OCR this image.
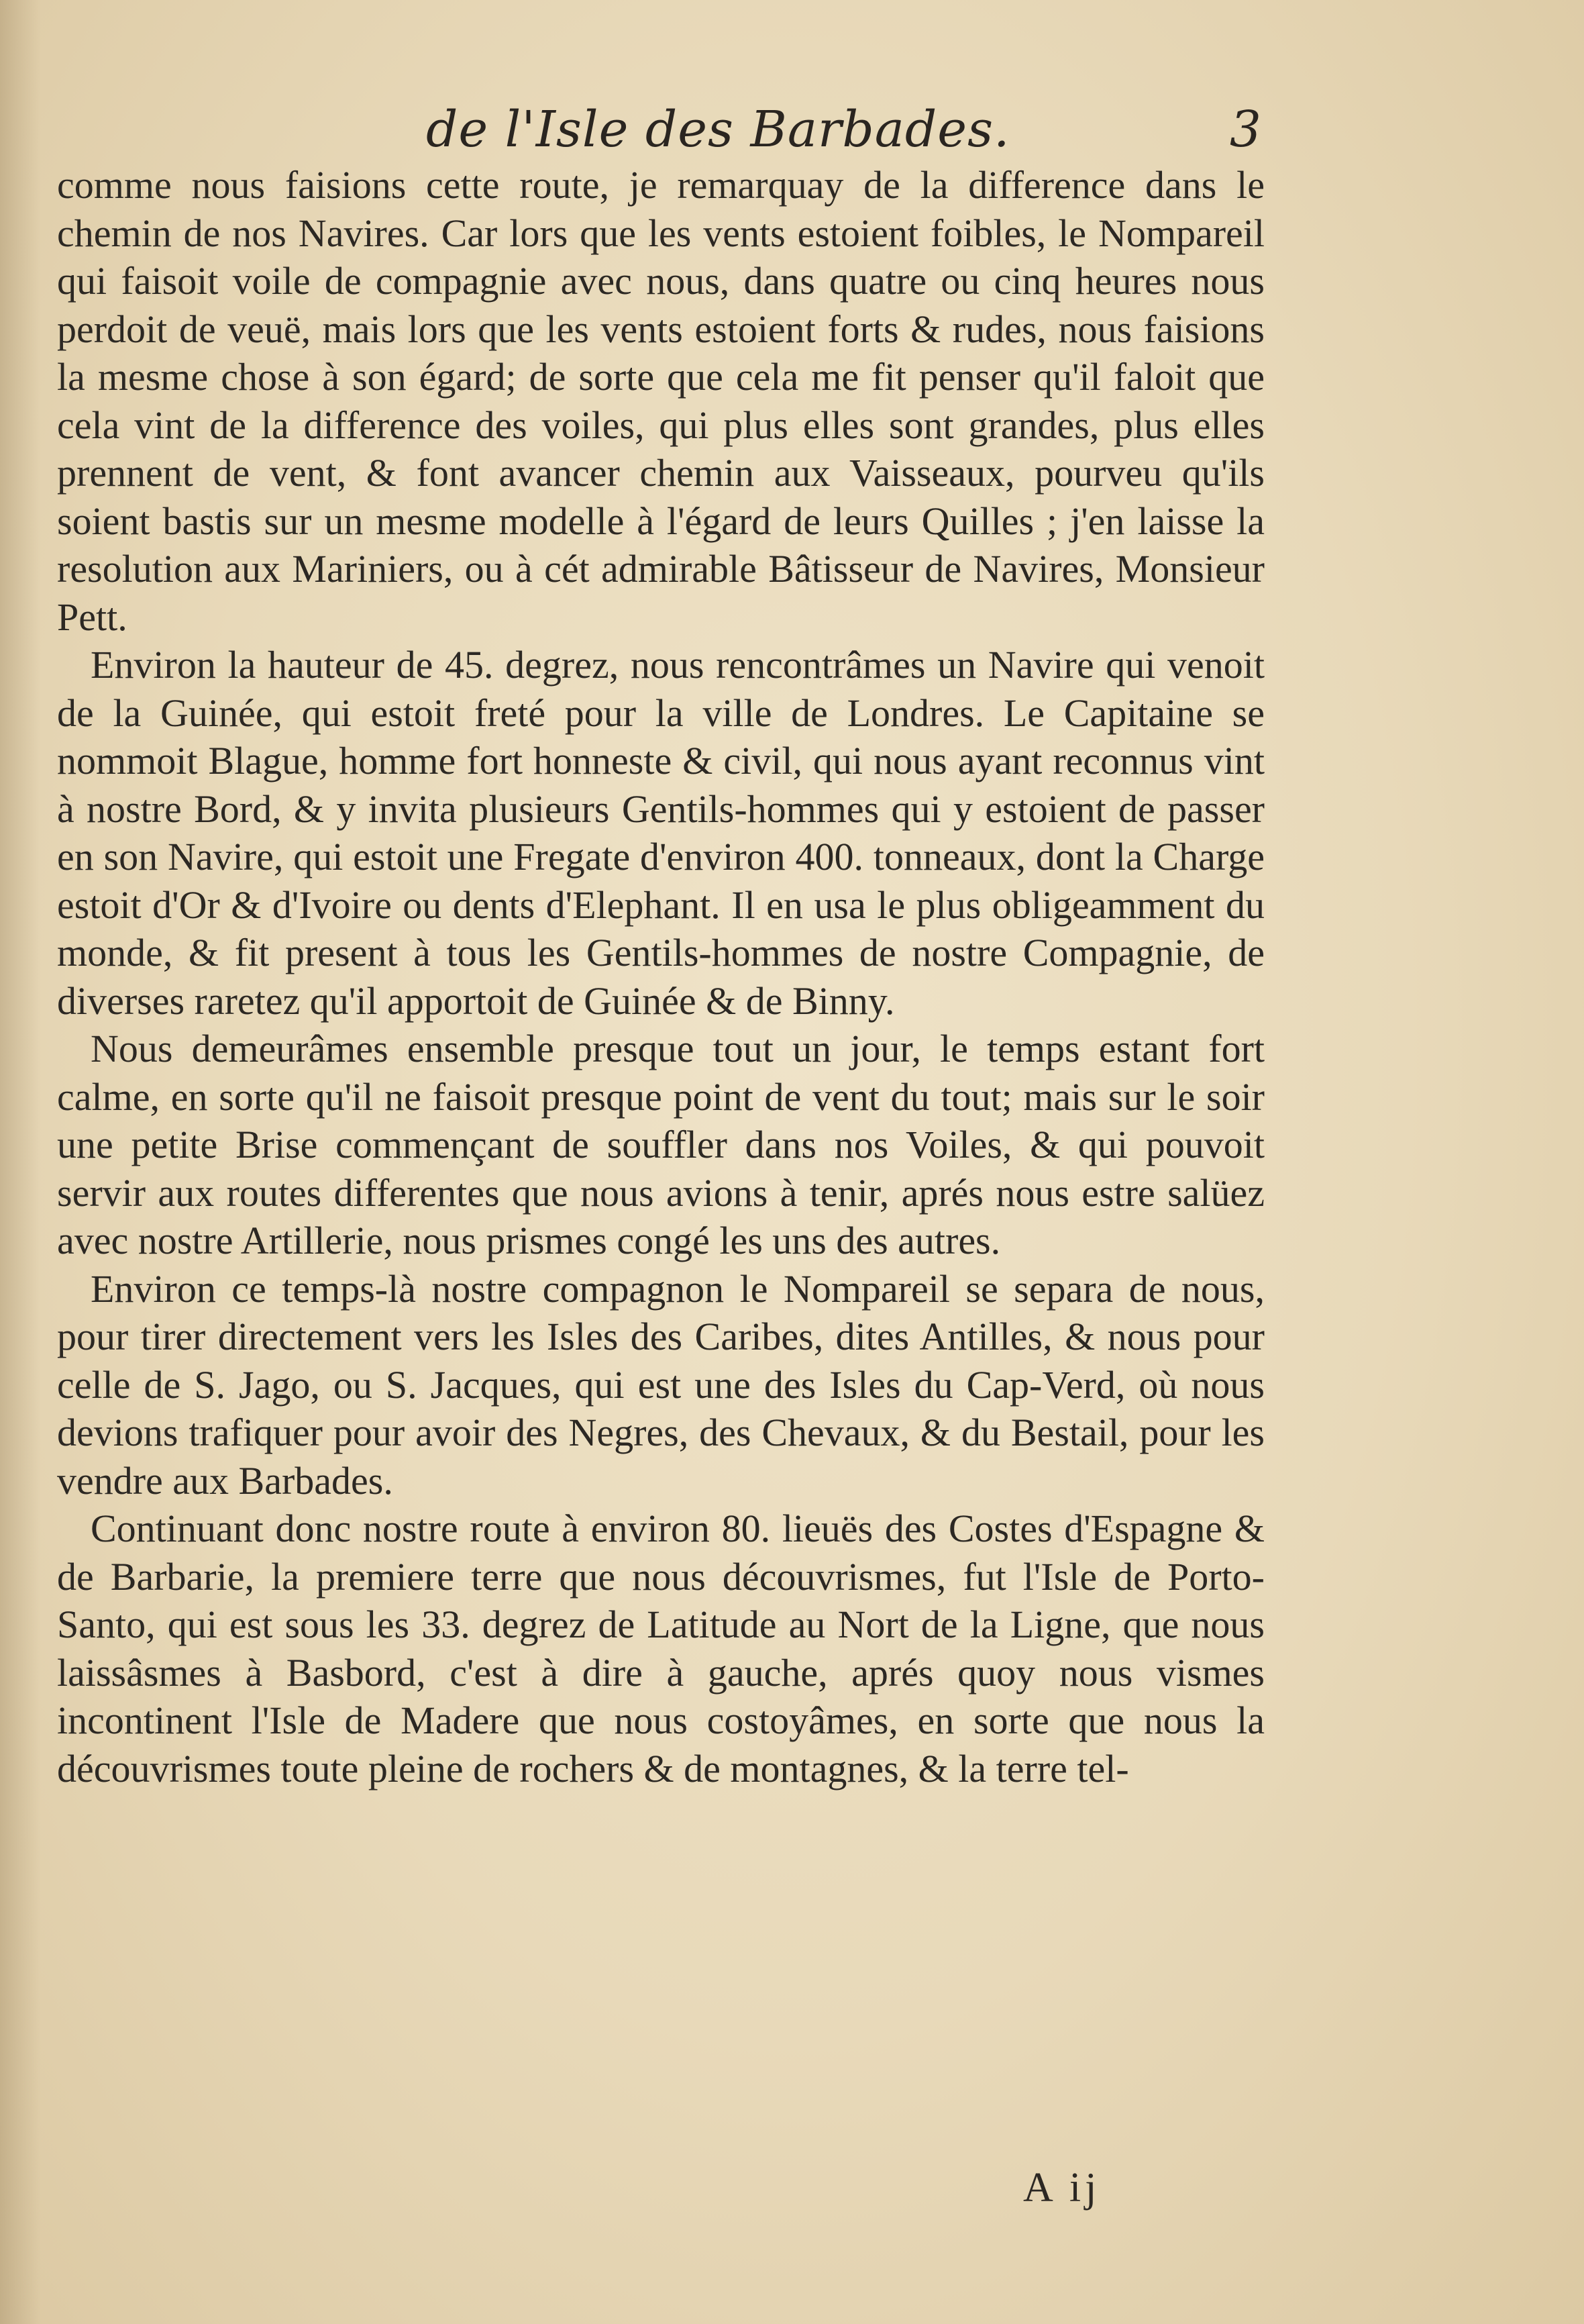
de l'Isle des Barbades.	3

comme nous faisions cette route, je remarquay de la difference dans le chemin de nos Navires. Car lors que les vents estoient foibles, le Nompareil qui faisoit voile de compagnie avec nous, dans quatre ou cinq heures nous perdoit de veuë, mais lors que les vents estoient forts & rudes, nous faisions la mesme chose à son égard; de sorte que cela me fit penser qu'il faloit que cela vint de la difference des voiles, qui plus elles sont grandes, plus elles prennent de vent, & font avancer chemin aux Vaisseaux, pourveu qu'ils soient bastis sur un mesme modelle à l'égard de leurs Quilles ; j'en laisse la resolution aux Mariniers, ou à cét admirable Bâtisseur de Navires, Monsieur Pett.

Environ la hauteur de 45. degrez, nous rencontrâmes un Navire qui venoit de la Guinée, qui estoit freté pour la ville de Londres. Le Capitaine se nommoit Blague, homme fort honneste & civil, qui nous ayant reconnus vint à nostre Bord, & y invita plusieurs Gentils-hommes qui y estoient de passer en son Navire, qui estoit une Fregate d'environ 400. tonneaux, dont la Charge estoit d'Or & d'Ivoire ou dents d'Elephant. Il en usa le plus obligeamment du monde, & fit present à tous les Gentils-hommes de nostre Compagnie, de diverses raretez qu'il apportoit de Guinée & de Binny.

Nous demeurâmes ensemble presque tout un jour, le temps estant fort calme, en sorte qu'il ne faisoit presque point de vent du tout; mais sur le soir une petite Brise commençant de souffler dans nos Voiles, & qui pouvoit servir aux routes differentes que nous avions à tenir, aprés nous estre salüez avec nostre Artillerie, nous prismes congé les uns des autres.

Environ ce temps-là nostre compagnon le Nompareil se separa de nous, pour tirer directement vers les Isles des Caribes, dites Antilles, & nous pour celle de S. Jago, ou S. Jacques, qui est une des Isles du Cap-Verd, où nous devions trafiquer pour avoir des Negres, des Chevaux, & du Bestail, pour les vendre aux Barbades.

Continuant donc nostre route à environ 80. lieuës des Costes d'Espagne & de Barbarie, la premiere terre que nous découvrismes, fut l'Isle de Porto-Santo, qui est sous les 33. degrez de Latitude au Nort de la Ligne, que nous laissâsmes à Basbord, c'est à dire à gauche, aprés quoy nous vismes incontinent l'Isle de Madere que nous costoyâmes, en sorte que nous la découvrismes toute pleine de rochers & de montagnes, & la terre tel-

A ij
